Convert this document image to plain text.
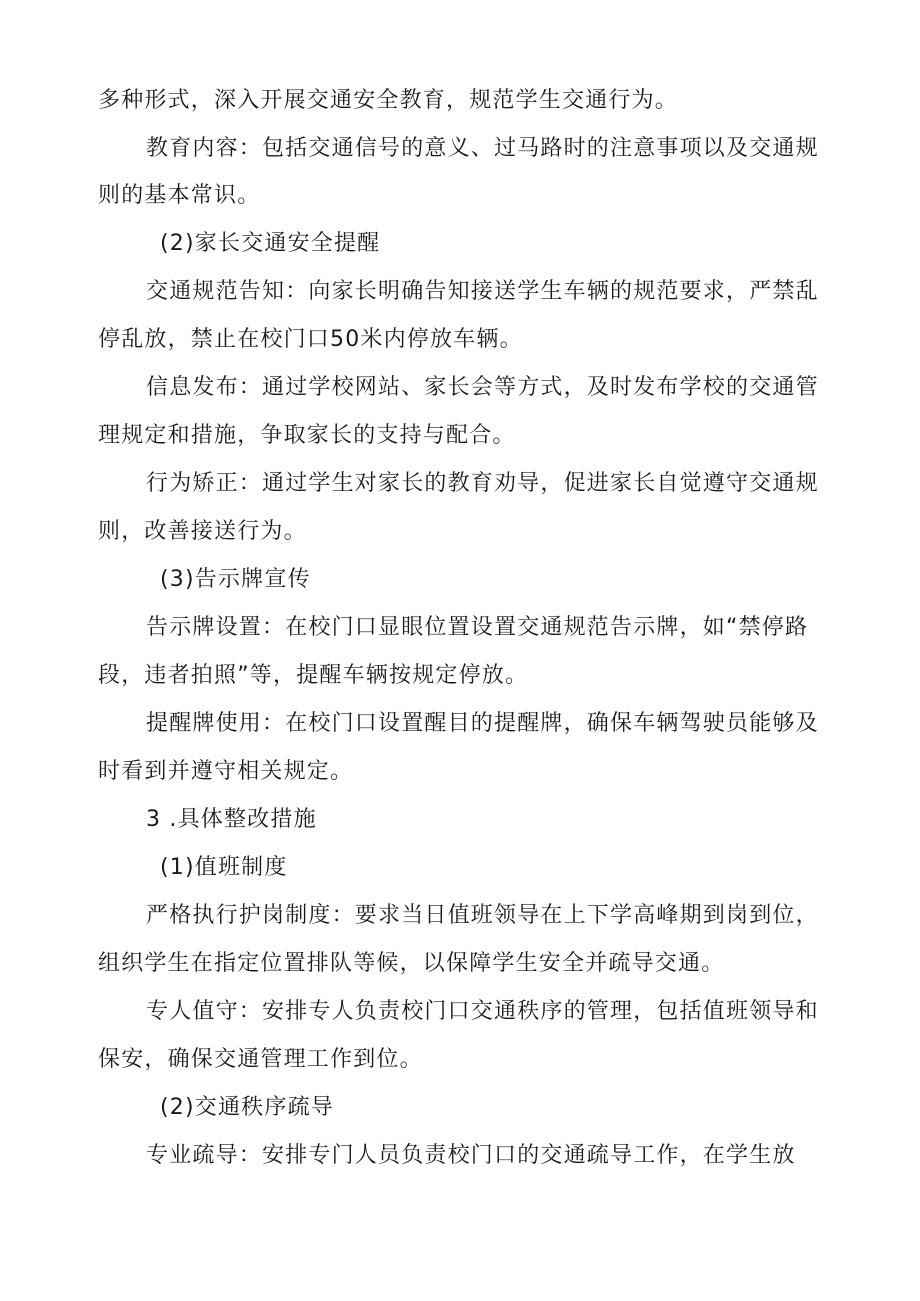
多种形式，深入开展交通安全教育，规范学生交通行为。
教育内容：包括交通信号的意义、过马路时的注意事项以及交通规
则的基本常识。
(2)家长交通安全提醒
交通规范告知：向家长明确告知接送学生车辆的规范要求，严禁乱
停乱放，禁止在校门口50米内停放车辆。
信息发布：通过学校网站、家长会等方式，及时发布学校的交通管
理规定和措施，争取家长的支持与配合。
行为矫正：通过学生对家长的教育劝导，促进家长自觉遵守交通规
则，改善接送行为。
(3)告示牌宣传
告示牌设置：在校门口显眼位置设置交通规范告示牌，如“禁停路
段，违者拍照”等，提醒车辆按规定停放。
提醒牌使用：在校门口设置醒目的提醒牌，确保车辆驾驶员能够及
时看到并遵守相关规定。
3 .具体整改措施
(1)值班制度
严格执行护岗制度：要求当日值班领导在上下学高峰期到岗到位，
组织学生在指定位置排队等候，以保障学生安全并疏导交通。
专人值守：安排专人负责校门口交通秩序的管理，包括值班领导和
保安，确保交通管理工作到位。
(2)交通秩序疏导
专业疏导：安排专门人员负责校门口的交通疏导工作，在学生放
